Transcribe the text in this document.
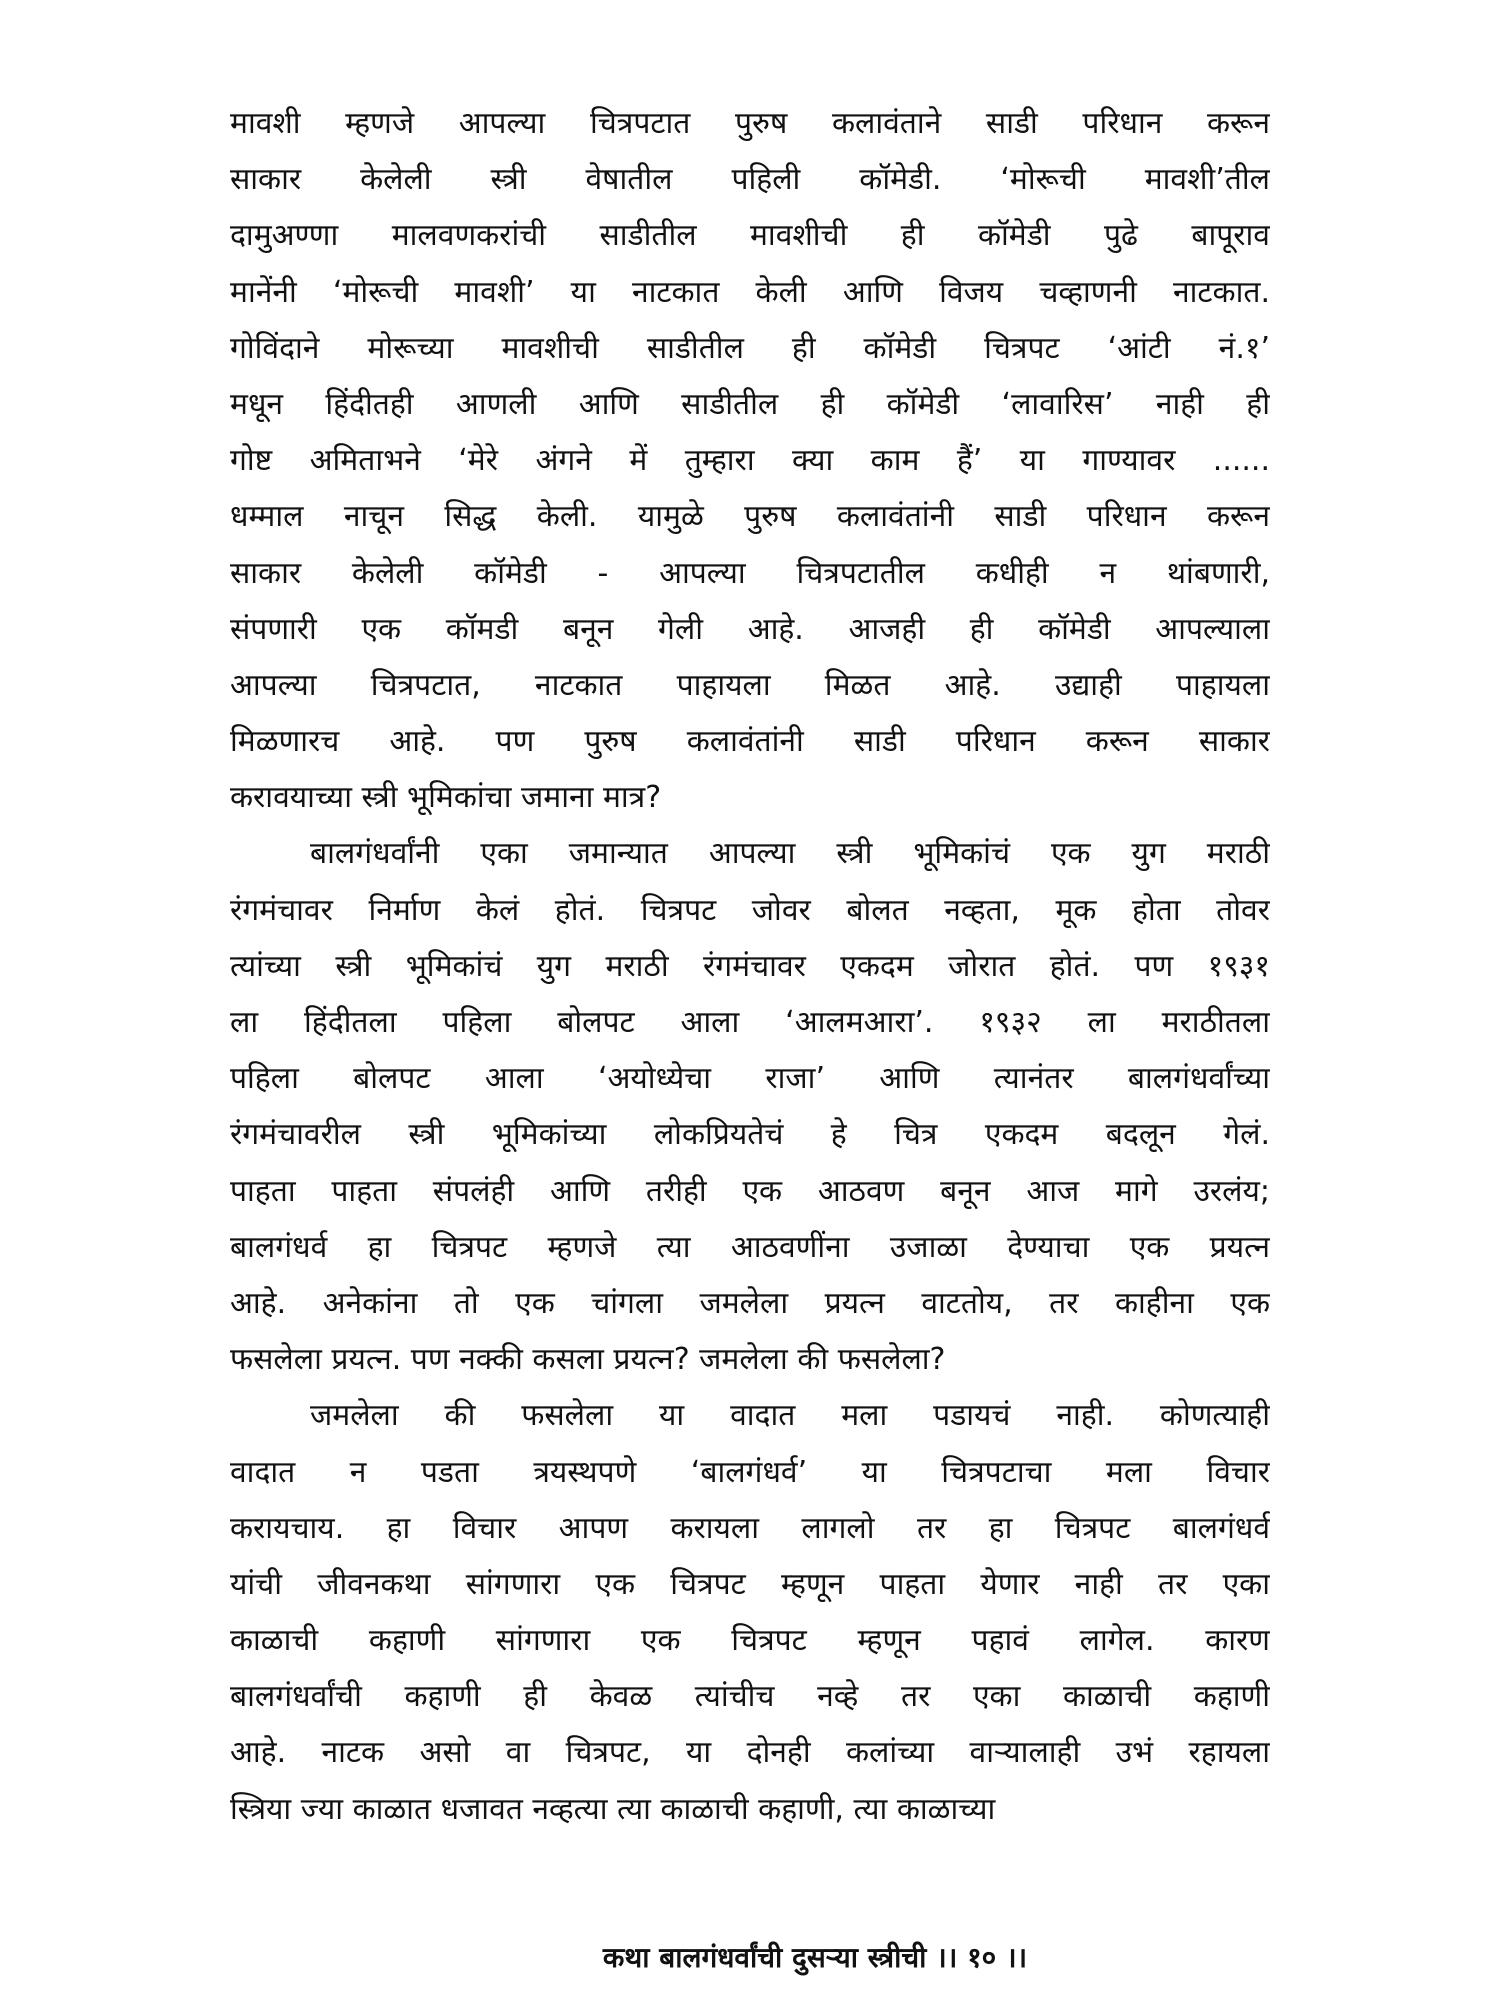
मावशी म्हणजे आपल्या चित्रपटात पुरुष कलावंताने साडी परिधान करून
साकार केलेली स्त्री वेषातील पहिली कॉमेडी. ‘मोरूची मावशी’तील
दामुअण्णा मालवणकरांची साडीतील मावशीची ही कॉमेडी पुढे बापूराव
मानेंनी ‘मोरूची मावशी’ या नाटकात केली आणि विजय चव्हाणनी नाटकात.
गोविंदाने मोरूच्या मावशीची साडीतील ही कॉमेडी चित्रपट ‘आंटी नं.१’
मधून हिंदीतही आणली आणि साडीतील ही कॉमेडी ‘लावारिस’ नाही ही
गोष्ट अमिताभने ‘मेरे अंगने में तुम्हारा क्या काम हैं’ या गाण्यावर ......
धम्माल नाचून सिद्ध केली. यामुळे पुरुष कलावंतांनी साडी परिधान करून
साकार केलेली कॉमेडी - आपल्या चित्रपटातील कधीही न थांबणारी,
संपणारी एक कॉमडी बनून गेली आहे. आजही ही कॉमेडी आपल्याला
आपल्या चित्रपटात, नाटकात पाहायला मिळत आहे. उद्याही पाहायला
मिळणारच आहे. पण पुरुष कलावंतांनी साडी परिधान करून साकार
करावयाच्या स्त्री भूमिकांचा जमाना मात्र?
बालगंधर्वांनी एका जमान्यात आपल्या स्त्री भूमिकांचं एक युग मराठी
रंगमंचावर निर्माण केलं होतं. चित्रपट जोवर बोलत नव्हता, मूक होता तोवर
त्यांच्या स्त्री भूमिकांचं युग मराठी रंगमंचावर एकदम जोरात होतं. पण १९३१
ला हिंदीतला पहिला बोलपट आला ‘आलमआरा’. १९३२ ला मराठीतला
पहिला बोलपट आला ‘अयोध्येचा राजा’ आणि त्यानंतर बालगंधर्वांच्या
रंगमंचावरील स्त्री भूमिकांच्या लोकप्रियतेचं हे चित्र एकदम बदलून गेलं.
पाहता पाहता संपलंही आणि तरीही एक आठवण बनून आज मागे उरलंय;
बालगंधर्व हा चित्रपट म्हणजे त्या आठवणींना उजाळा देण्याचा एक प्रयत्न
आहे. अनेकांना तो एक चांगला जमलेला प्रयत्न वाटतोय, तर काहीना एक
फसलेला प्रयत्न. पण नक्की कसला प्रयत्न? जमलेला की फसलेला?
जमलेला की फसलेला या वादात मला पडायचं नाही. कोणत्याही
वादात न पडता त्रयस्थपणे ‘बालगंधर्व’ या चित्रपटाचा मला विचार
करायचाय. हा विचार आपण करायला लागलो तर हा चित्रपट बालगंधर्व
यांची जीवनकथा सांगणारा एक चित्रपट म्हणून पाहता येणार नाही तर एका
काळाची कहाणी सांगणारा एक चित्रपट म्हणून पहावं लागेल. कारण
बालगंधर्वांची कहाणी ही केवळ त्यांचीच नव्हे तर एका काळाची कहाणी
आहे. नाटक असो वा चित्रपट, या दोनही कलांच्या वाऱ्यालाही उभं रहायला
स्त्रिया ज्या काळात धजावत नव्हत्या त्या काळाची कहाणी, त्या काळाच्या
कथा बालगंधर्वांची दुसऱ्या स्त्रीची ।। १० ।।
